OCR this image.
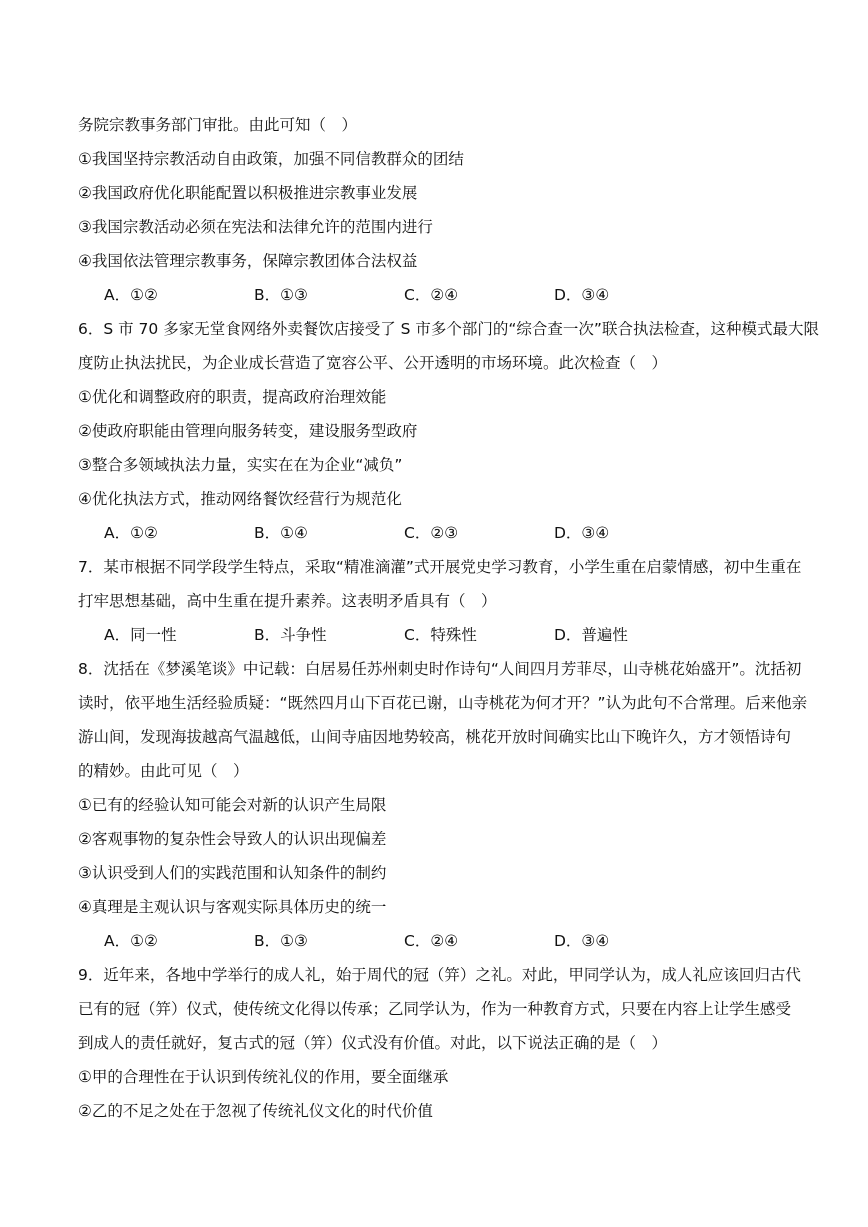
务院宗教事务部门审批。由此可知（　）
①我国坚持宗教活动自由政策，加强不同信教群众的团结
②我国政府优化职能配置以积极推进宗教事业发展
③我国宗教活动必须在宪法和法律允许的范围内进行
④我国依法管理宗教事务，保障宗教团体合法权益
A．①②	B．①③	C．②④	D．③④
6．S 市 70 多家无堂食网络外卖餐饮店接受了 S 市多个部门的“综合查一次”联合执法检查，这种模式最大限
度防止执法扰民，为企业成长营造了宽容公平、公开透明的市场环境。此次检查（　）
①优化和调整政府的职责，提高政府治理效能
②使政府职能由管理向服务转变，建设服务型政府
③整合多领域执法力量，实实在在为企业“减负”
④优化执法方式，推动网络餐饮经营行为规范化
A．①②	B．①④	C．②③	D．③④
7．某市根据不同学段学生特点，采取“精准滴灌”式开展党史学习教育，小学生重在启蒙情感，初中生重在
打牢思想基础，高中生重在提升素养。这表明矛盾具有（　）
A．同一性	B．斗争性	C．特殊性	D．普遍性
8．沈括在《梦溪笔谈》中记载：白居易任苏州刺史时作诗句“人间四月芳菲尽，山寺桃花始盛开”。沈括初
读时，依平地生活经验质疑：“既然四月山下百花已谢，山寺桃花为何才开？”认为此句不合常理。后来他亲
游山间，发现海拔越高气温越低，山间寺庙因地势较高，桃花开放时间确实比山下晚许久，方才领悟诗句
的精妙。由此可见（　）
①已有的经验认知可能会对新的认识产生局限
②客观事物的复杂性会导致人的认识出现偏差
③认识受到人们的实践范围和认知条件的制约
④真理是主观认识与客观实际具体历史的统一
A．①②	B．①③	C．②④	D．③④
9．近年来，各地中学举行的成人礼，始于周代的冠（笄）之礼。对此，甲同学认为，成人礼应该回归古代
已有的冠（笄）仪式，使传统文化得以传承；乙同学认为，作为一种教育方式，只要在内容上让学生感受
到成人的责任就好，复古式的冠（笄）仪式没有价值。对此，以下说法正确的是（　）
①甲的合理性在于认识到传统礼仪的作用，要全面继承
②乙的不足之处在于忽视了传统礼仪文化的时代价值
